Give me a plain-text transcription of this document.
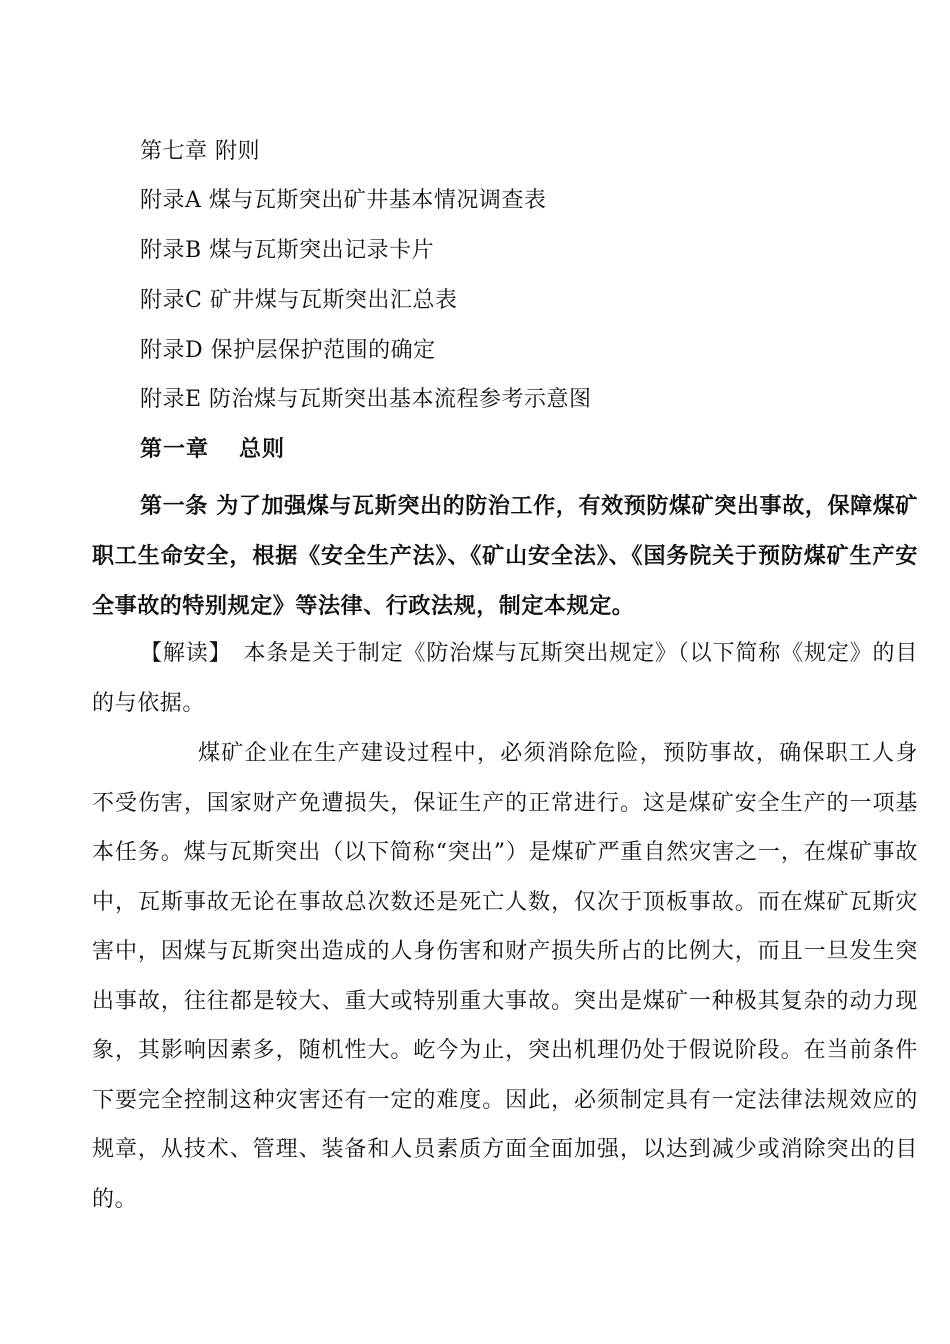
第七章 附则
附录A 煤与瓦斯突出矿井基本情况调查表
附录B 煤与瓦斯突出记录卡片
附录C 矿井煤与瓦斯突出汇总表
附录D 保护层保护范围的确定
附录E 防治煤与瓦斯突出基本流程参考示意图
第一章 总则

第一条 为了加强煤与瓦斯突出的防治工作，有效预防煤矿突出事故，保障煤矿职工生命安全，根据《安全生产法》、《矿山安全法》、《国务院关于预防煤矿生产安全事故的特别规定》等法律、行政法规，制定本规定。

【解读】 本条是关于制定《防治煤与瓦斯突出规定》（以下简称《规定》的目的与依据。

煤矿企业在生产建设过程中，必须消除危险，预防事故，确保职工人身不受伤害，国家财产免遭损失，保证生产的正常进行。这是煤矿安全生产的一项基本任务。煤与瓦斯突出（以下简称“突出”）是煤矿严重自然灾害之一，在煤矿事故中，瓦斯事故无论在事故总次数还是死亡人数，仅次于顶板事故。而在煤矿瓦斯灾害中，因煤与瓦斯突出造成的人身伤害和财产损失所占的比例大，而且一旦发生突出事故，往往都是较大、重大或特别重大事故。突出是煤矿一种极其复杂的动力现象，其影响因素多，随机性大。屹今为止，突出机理仍处于假说阶段。在当前条件下要完全控制这种灾害还有一定的难度。因此，必须制定具有一定法律法规效应的规章，从技术、管理、装备和人员素质方面全面加强，以达到减少或消除突出的目的。
